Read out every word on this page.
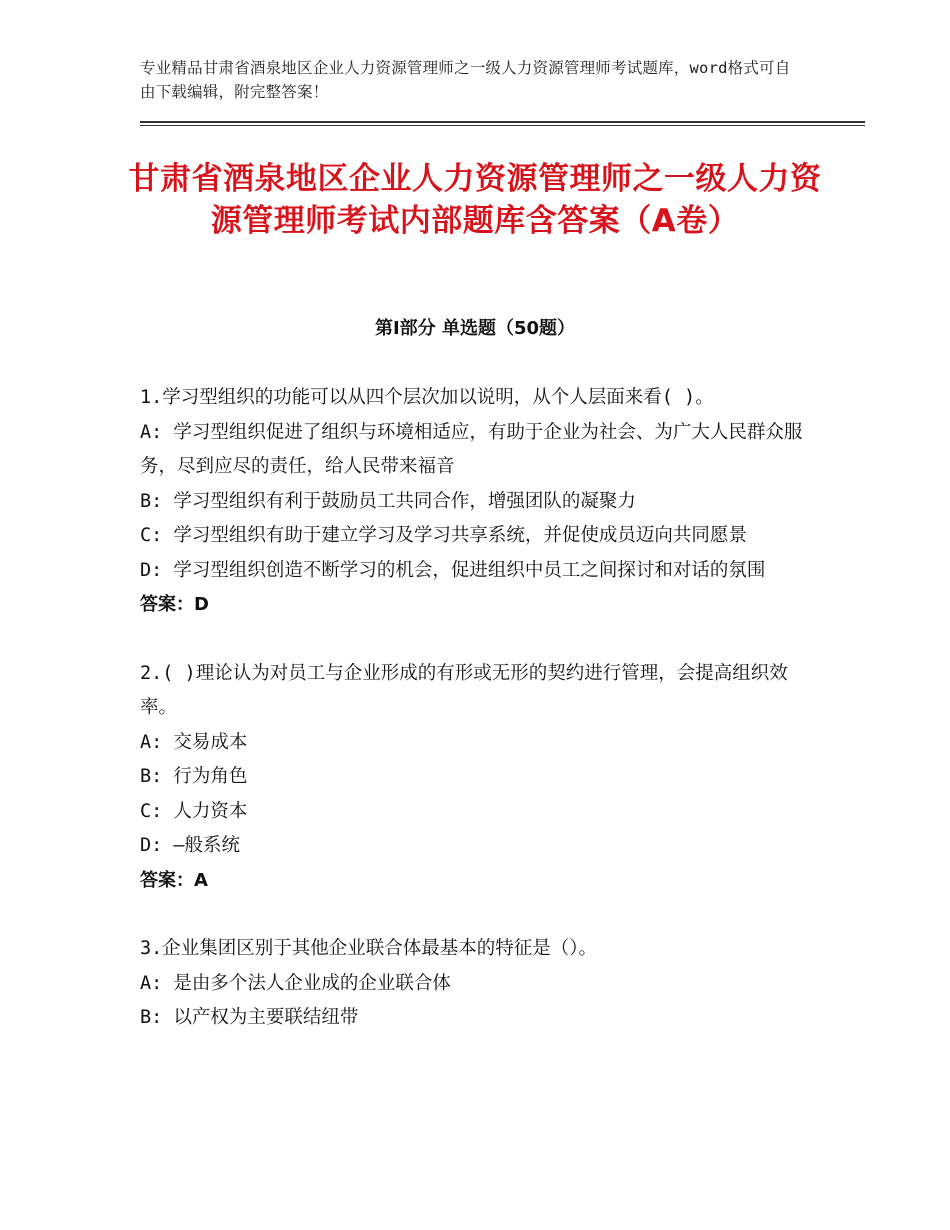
专业精品甘肃省酒泉地区企业人力资源管理师之一级人力资源管理师考试题库，word格式可自由下载编辑，附完整答案！
甘肃省酒泉地区企业人力资源管理师之一级人力资源管理师考试内部题库含答案（A卷）
第Ⅰ部分 单选题（50题）

1.学习型组织的功能可以从四个层次加以说明，从个人层面来看( )。

A: 学习型组织促进了组织与环境相适应，有助于企业为社会、为广大人民群众服务，尽到应尽的责任，给人民带来福音

B: 学习型组织有利于鼓励员工共同合作，增强团队的凝聚力

C: 学习型组织有助于建立学习及学习共享系统，并促使成员迈向共同愿景

D: 学习型组织创造不断学习的机会，促进组织中员工之间探讨和对话的氛围

答案：D

2.( )理论认为对员工与企业形成的有形或无形的契约进行管理，会提高组织效率。

A: 交易成本

B: 行为角色

C: 人力资本

D: —般系统

答案：A

3.企业集团区别于其他企业联合体最基本的特征是（）。

A: 是由多个法人企业成的企业联合体

B: 以产权为主要联结纽带
